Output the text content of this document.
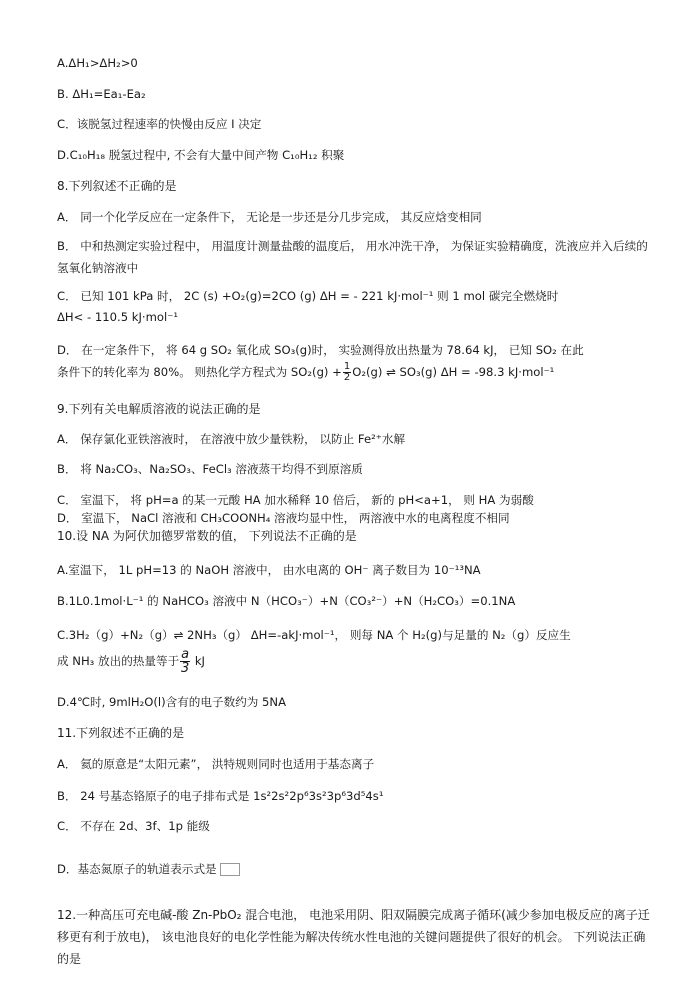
A.ΔH₁>ΔH₂>0
B. ΔH₁=Ea₁-Ea₂
C．该脱氢过程速率的快慢由反应 I 决定
D.C₁₀H₁₈ 脱氢过程中, 不会有大量中间产物 C₁₀H₁₂ 积聚
8.下列叙述不正确的是
A． 同一个化学反应在一定条件下， 无论是一步还是分几步完成， 其反应焓变相同
B． 中和热测定实验过程中， 用温度计测量盐酸的温度后， 用水冲洗干净， 为保证实验精确度，洗液应并入后续的氢氧化钠溶液中
C． 已知 101 kPa 时， 2C (s) +O₂(g)=2CO (g) ΔH = - 221 kJ·mol⁻¹ 则 1 mol 碳完全燃烧时
ΔH< - 110.5 kJ·mol⁻¹
D． 在一定条件下， 将 64 g SO₂ 氧化成 SO₃(g)时， 实验测得放出热量为 78.64 kJ， 已知 SO₂ 在此
条件下的转化率为 80%。 则热化学方程式为 $SO_2(g) + \frac{1}{2} O_2(g)$ ⇌ SO₃(g) ΔH = -98.3 kJ·mol⁻¹
9.下列有关电解质溶液的说法正确的是
A． 保存氯化亚铁溶液时， 在溶液中放少量铁粉， 以防止 Fe²⁺水解
B． 将 Na₂CO₃、Na₂SO₃、FeCl₃ 溶液蒸干均得不到原溶质
C． 室温下， 将 pH=a 的某一元酸 HA 加水稀释 10 倍后， 新的 pH<a+1， 则 HA 为弱酸
D． 室温下， NaCl 溶液和 CH₃COONH₄ 溶液均显中性， 两溶液中水的电离程度不相同
10.设 NA 为阿伏加德罗常数的值， 下列说法不正确的是
A.室温下， 1L pH=13 的 NaOH 溶液中， 由水电离的 OH⁻ 离子数目为 10⁻¹³NA
B.1L0.1mol·L⁻¹ 的 NaHCO₃ 溶液中 N（HCO₃⁻）+N（CO₃²⁻）+N（H₂CO₃）=0.1NA
C.3H₂（g）+N₂（g）⇌ 2NH₃（g） ΔH=-akJ·mol⁻¹， 则每 NA 个 H₂(g)与足量的 N₂（g）反应生
成 NH₃ 放出的热量等于 $\frac{a}{3}$ kJ
D.4℃时, 9mlH₂O(l)含有的电子数约为 5NA
11.下列叙述不正确的是
A． 氦的原意是“太阳元素”， 洪特规则同时也适用于基态离子
B． 24 号基态铬原子的电子排布式是 1s²2s²2p⁶3s²3p⁶3d⁵4s¹
C． 不存在 2d、3f、1p 能级
D．基态氮原子的轨道表示式是
12.一种高压可充电碱-酸 Zn-PbO₂ 混合电池， 电池采用阴、阳双隔膜完成离子循环(减少参加电极反应的离子迁移更有利于放电)， 该电池良好的电化学性能为解决传统水性电池的关键问题提供了很好的机会。 下列说法正确的是
